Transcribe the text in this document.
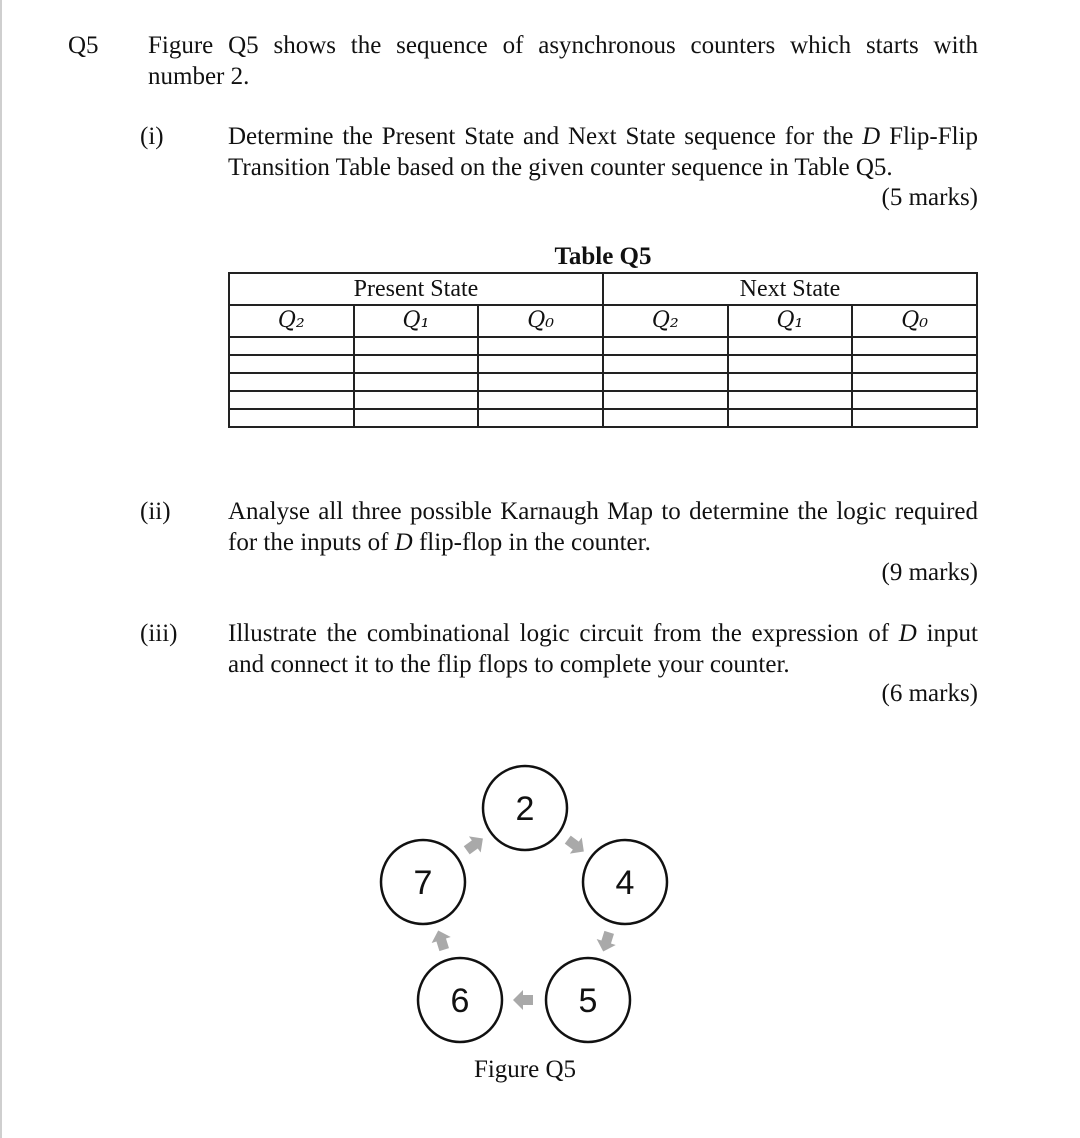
Q5 Figure Q5 shows the sequence of asynchronous counters which starts with
number 2.
(i)	Determine the Present State and Next State sequence for the D Flip-Flip
Transition Table based on the given counter sequence in Table Q5.
(5 marks)
Table Q5
Present State			Next State		
Q₂	Q₁	Q₀	Q₂	Q₁	Q₀

(ii) Analyse all three possible Karnaugh Map to determine the logic required
for the inputs of D flip-flop in the counter.
(9 marks)
(iii) Illustrate the combinational logic circuit from the expression of D input
and connect it to the flip flops to complete your counter.
(6 marks)
2
4
5
6
7
Figure Q5
